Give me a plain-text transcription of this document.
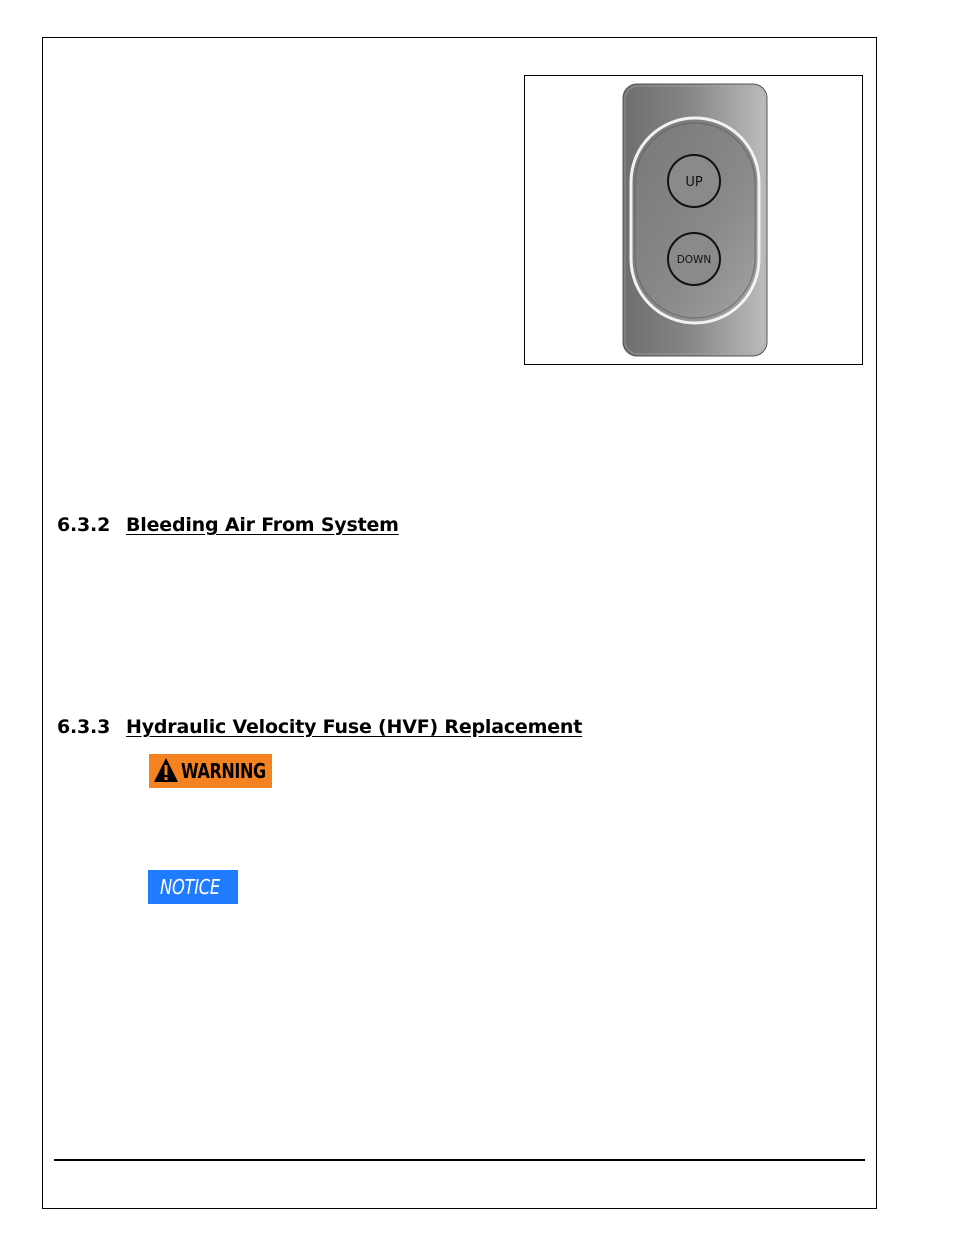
UP
DOWN
6.3.2 Bleeding Air From System
6.3.3 Hydraulic Velocity Fuse (HVF) Replacement
WARNING
NOTICE
